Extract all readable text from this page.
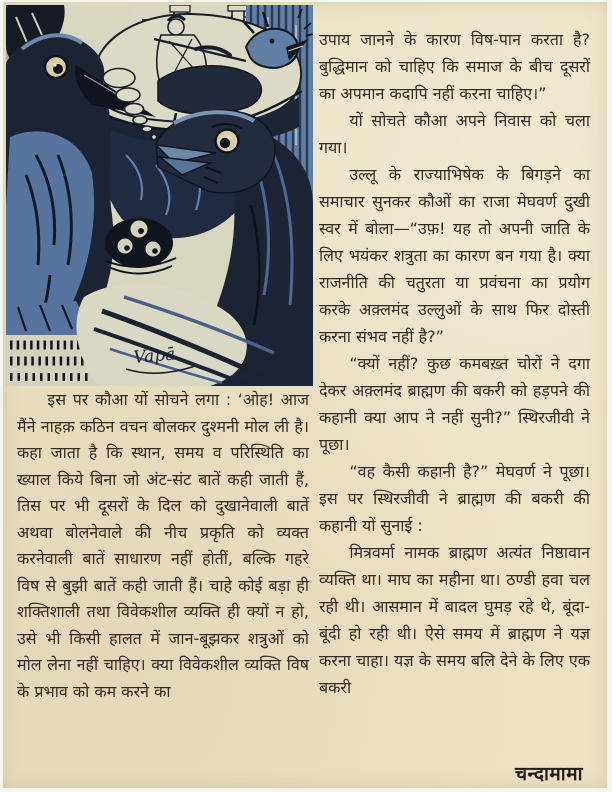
Vapā

उपाय जानने के कारण विष-पान करता है? बुद्धिमान को चाहिए कि समाज के बीच दूसरों का अपमान कदापि नहीं करना चाहिए।”

यों सोचते कौआ अपने निवास को चला गया।

उल्लू के राज्याभिषेक के बिगड़ने का समाचार सुनकर कौओं का राजा मेघवर्ण दुखी स्वर में बोला—“उफ़! यह तो अपनी जाति के लिए भयंकर शत्रुता का कारण बन गया है। क्या राजनीति की चतुरता या प्रवंचना का प्रयोग करके अक़्लमंद उल्लुओं के साथ फिर दोस्ती करना संभव नहीं है?”

“क्यों नहीं? कुछ कमबख़्त चोरों ने दगा देकर अक़्लमंद ब्राह्मण की बकरी को हड़पने की कहानी क्या आप ने नहीं सुनी?” स्थिरजीवी ने पूछा।

“वह कैसी कहानी है?” मेघवर्ण ने पूछा। इस पर स्थिरजीवी ने ब्राह्मण की बकरी की कहानी यों सुनाई :

मित्रवर्मा नामक ब्राह्मण अत्यंत निष्ठावान व्यक्ति था। माघ का महीना था। ठण्डी हवा चल रही थी। आसमान में बादल घुमड़ रहे थे, बूंदा-बूंदी हो रही थी। ऐसे समय में ब्राह्मण ने यज्ञ करना चाहा। यज्ञ के समय बलि देने के लिए एक बकरी

इस पर कौआ यों सोचने लगा : ‘ओह! आज मैंने नाहक़ कठिन वचन बोलकर दुश्मनी मोल ली है। कहा जाता है कि स्थान, समय व परिस्थिति का ख्याल किये बिना जो अंट-संट बातें कही जाती हैं, तिस पर भी दूसरों के दिल को दुखानेवाली बातें अथवा बोलनेवाले की नीच प्रकृति को व्यक्त करनेवाली बातें साधारण नहीं होतीं, बल्कि गहरे विष से बुझी बातें कही जाती हैं। चाहे कोई बड़ा ही शक्तिशाली तथा विवेकशील व्यक्ति ही क्यों न हो, उसे भी किसी हालत में जान-बूझकर शत्रुओं को मोल लेना नहीं चाहिए। क्या विवेकशील व्यक्ति विष के प्रभाव को कम करने का

चन्दामामा
